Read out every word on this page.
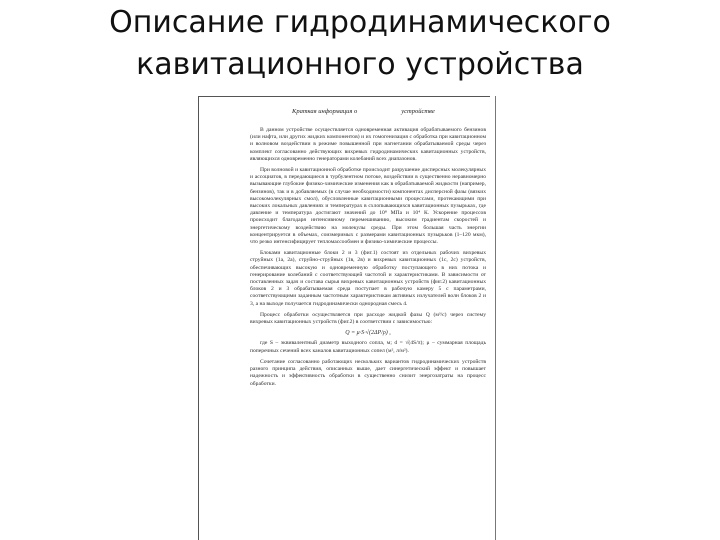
Описание гидродинамического
кавитационного устройства
Краткая информация о	устройстве

В данном устройстве осуществляется одновременная активация обрабатываемого бензинов (или нафта, или других жидких компонентов) и их гомогенизация с обработка при кавитационном и волновом воздействии в режиме повышенной при нагнетании обрабатываемой среды через комплект согласованно действующих вихревых гидродинамических кавитационных устройств, являющихся одновременно генераторами колебаний всех диапазонов.

При волновой и кавитационной обработке происходит разрушение дисперсных молекулярных и ассоциатов, в передающиеся в турбулентном потоке, воздействии в существенно неравномерно вызывающие глубокие физико-химические изменения как в обрабатываемой жидкости (например, бензинов), так и в добавляемых (в случае необходимости) компонентах дисперсной фазы (вязких высокомолекулярных смол), обусловленные кавитационными процессами, протекающими при высоких локальных давлениях и температурах в схлопывающихся кавитационных пузырьках, где давление и температура достигают значений до 10⁸ МПа и 10⁴ К. Ускорение процессов происходит благодаря интенсивному перемешиванию, высоким градиентам скоростей и энергетическому воздействию на молекулы среды. При этом большая часть энергии концентрируется в объемах, соизмеримых с размерами кавитационных пузырьков (1–120 мкм), что резко интенсифицирует тепломассообмен и физико-химические процессы.

Блоками кавитационные блоки 2 и 3 (фиг.1) состоят из отдельных рабочих вихревых струйных (1а, 2а), струйно-струйных (1в, 2в) и вихревых кавитационных (1с, 2с) устройств, обеспечивающих высокую и одновременную обработку поступающего в них потока и генерирование колебаний с соответствующей частотой и характеристиками. В зависимости от поставленных задач и состава сырья вихревых кавитационных устройств (фиг.2) кавитационных блоков 2 и 3 обрабатываемая среда поступает в рабочую камеру 5 с параметрами, соответствующими заданным частотным характеристикам активных излучателей волн блоков 2 и 3, а на выходе получается гидродинамически однородная смесь 4.

Процесс обработки осуществляется при расходе жидкой фазы Q (м³/с) через систему вихревых кавитационных устройств (фиг.2) в соответствии с зависимостью:

Q = μ·S·√(2ΔP/ρ) ,

где S – эквивалентный диаметр выходного сопла, м; d = √(4S/π); μ – суммарная площадь поперечных сечений всех каналов кавитационных сопел (м², л/м²).

Сочетание согласованно работающих нескольких вариантов гидродинамических устройств разного принципа действия, описанных выше, дает синергетический эффект и повышает надежность и эффективность обработки в существенно снизит энергозатраты на процесс обработки.
